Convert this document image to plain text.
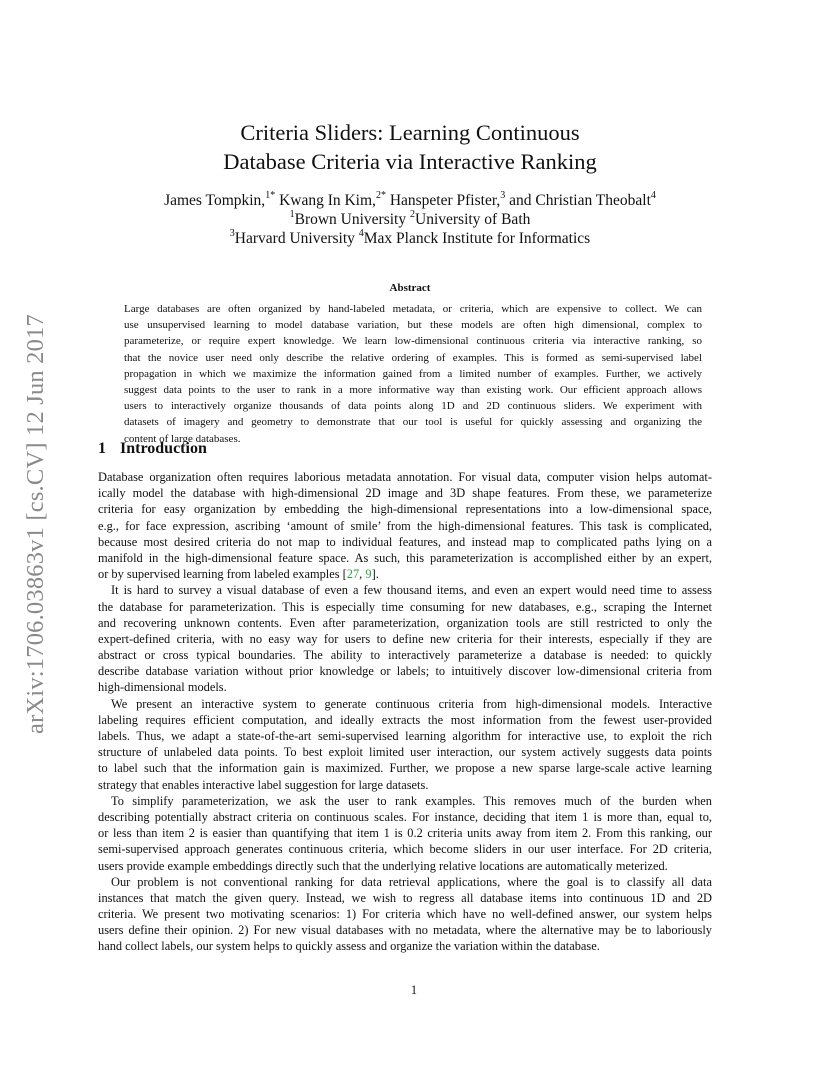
arXiv:1706.03863v1 [cs.CV] 12 Jun 2017
Criteria Sliders: Learning Continuous
Database Criteria via Interactive Ranking
James Tompkin,$^{1*}$ Kwang In Kim,$^{2*}$ Hanspeter Pfister,$^3$ and Christian Theobalt$^4$
$^1$Brown University $^2$University of Bath
$^3$Harvard University $^4$Max Planck Institute for Informatics
Abstract
Large databases are often organized by hand-labeled metadata, or criteria, which are expensive to collect. We can
use unsupervised learning to model database variation, but these models are often high dimensional, complex to
parameterize, or require expert knowledge. We learn low-dimensional continuous criteria via interactive ranking, so
that the novice user need only describe the relative ordering of examples. This is formed as semi-supervised label
propagation in which we maximize the information gained from a limited number of examples. Further, we actively
suggest data points to the user to rank in a more informative way than existing work. Our efficient approach allows
users to interactively organize thousands of data points along 1D and 2D continuous sliders. We experiment with
datasets of imagery and geometry to demonstrate that our tool is useful for quickly assessing and organizing the
content of large databases.
1 Introduction
Database organization often requires laborious metadata annotation. For visual data, computer vision helps automat-
ically model the database with high-dimensional 2D image and 3D shape features. From these, we parameterize
criteria for easy organization by embedding the high-dimensional representations into a low-dimensional space,
e.g., for face expression, ascribing ‘amount of smile’ from the high-dimensional features. This task is complicated,
because most desired criteria do not map to individual features, and instead map to complicated paths lying on a
manifold in the high-dimensional feature space. As such, this parameterization is accomplished either by an expert,
or by supervised learning from labeled examples [27, 9].
It is hard to survey a visual database of even a few thousand items, and even an expert would need time to assess
the database for parameterization. This is especially time consuming for new databases, e.g., scraping the Internet
and recovering unknown contents. Even after parameterization, organization tools are still restricted to only the
expert-defined criteria, with no easy way for users to define new criteria for their interests, especially if they are
abstract or cross typical boundaries. The ability to interactively parameterize a database is needed: to quickly
describe database variation without prior knowledge or labels; to intuitively discover low-dimensional criteria from
high-dimensional models.
We present an interactive system to generate continuous criteria from high-dimensional models. Interactive
labeling requires efficient computation, and ideally extracts the most information from the fewest user-provided
labels. Thus, we adapt a state-of-the-art semi-supervised learning algorithm for interactive use, to exploit the rich
structure of unlabeled data points. To best exploit limited user interaction, our system actively suggests data points
to label such that the information gain is maximized. Further, we propose a new sparse large-scale active learning
strategy that enables interactive label suggestion for large datasets.
To simplify parameterization, we ask the user to rank examples. This removes much of the burden when
describing potentially abstract criteria on continuous scales. For instance, deciding that item 1 is more than, equal to,
or less than item 2 is easier than quantifying that item 1 is 0.2 criteria units away from item 2. From this ranking, our
semi-supervised approach generates continuous criteria, which become sliders in our user interface. For 2D criteria,
users provide example embeddings directly such that the underlying relative locations are automatically meterized.
Our problem is not conventional ranking for data retrieval applications, where the goal is to classify all data
instances that match the given query. Instead, we wish to regress all database items into continuous 1D and 2D
criteria. We present two motivating scenarios: 1) For criteria which have no well-defined answer, our system helps
users define their opinion. 2) For new visual databases with no metadata, where the alternative may be to laboriously
hand collect labels, our system helps to quickly assess and organize the variation within the database.
1
